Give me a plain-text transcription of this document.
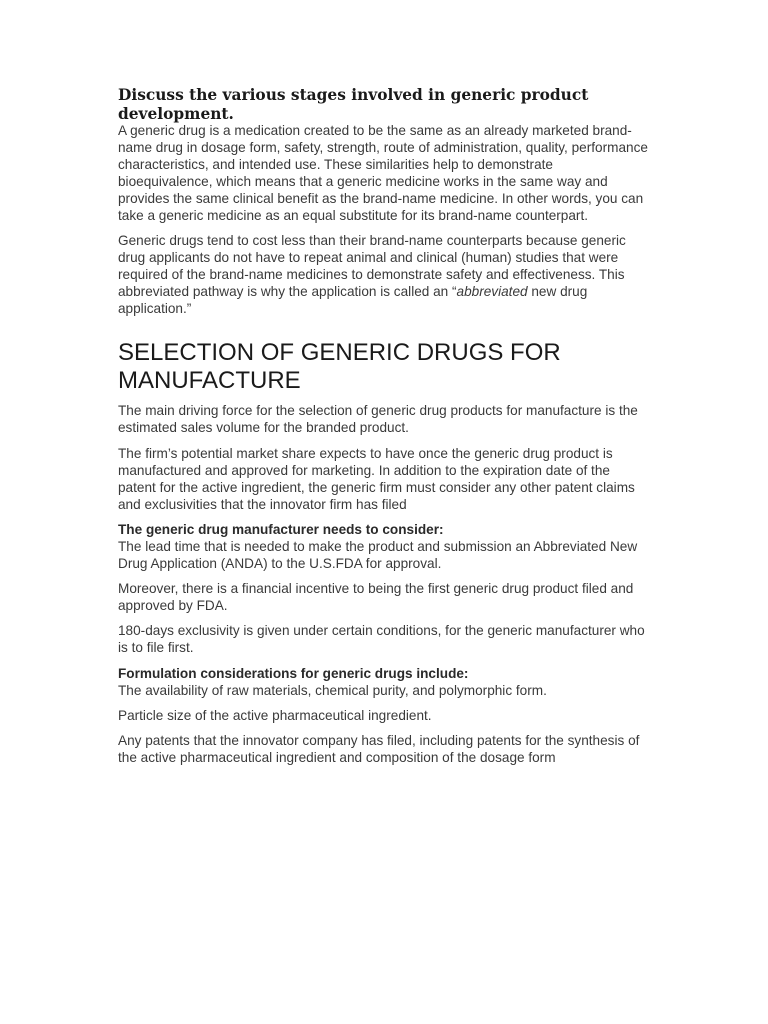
Discuss the various stages involved in generic product development.

A generic drug is a medication created to be the same as an already marketed brand-name drug in dosage form, safety, strength, route of administration, quality, performance characteristics, and intended use. These similarities help to demonstrate bioequivalence, which means that a generic medicine works in the same way and provides the same clinical benefit as the brand-name medicine. In other words, you can take a generic medicine as an equal substitute for its brand-name counterpart.

Generic drugs tend to cost less than their brand-name counterparts because generic drug applicants do not have to repeat animal and clinical (human) studies that were required of the brand-name medicines to demonstrate safety and effectiveness. This abbreviated pathway is why the application is called an “abbreviated new drug application.”

SELECTION OF GENERIC DRUGS FOR MANUFACTURE

The main driving force for the selection of generic drug products for manufacture is the estimated sales volume for the branded product.

The firm’s potential market share expects to have once the generic drug product is manufactured and approved for marketing. In addition to the expiration date of the patent for the active ingredient, the generic firm must consider any other patent claims and exclusivities that the innovator firm has filed

The generic drug manufacturer needs to consider:

The lead time that is needed to make the product and submission an Abbreviated New Drug Application (ANDA) to the U.S.FDA for approval.

Moreover, there is a financial incentive to being the first generic drug product filed and approved by FDA.

180-days exclusivity is given under certain conditions, for the generic manufacturer who is to file first.

Formulation considerations for generic drugs include:

The availability of raw materials, chemical purity, and polymorphic form.

Particle size of the active pharmaceutical ingredient.

Any patents that the innovator company has filed, including patents for the synthesis of the active pharmaceutical ingredient and composition of the dosage form
